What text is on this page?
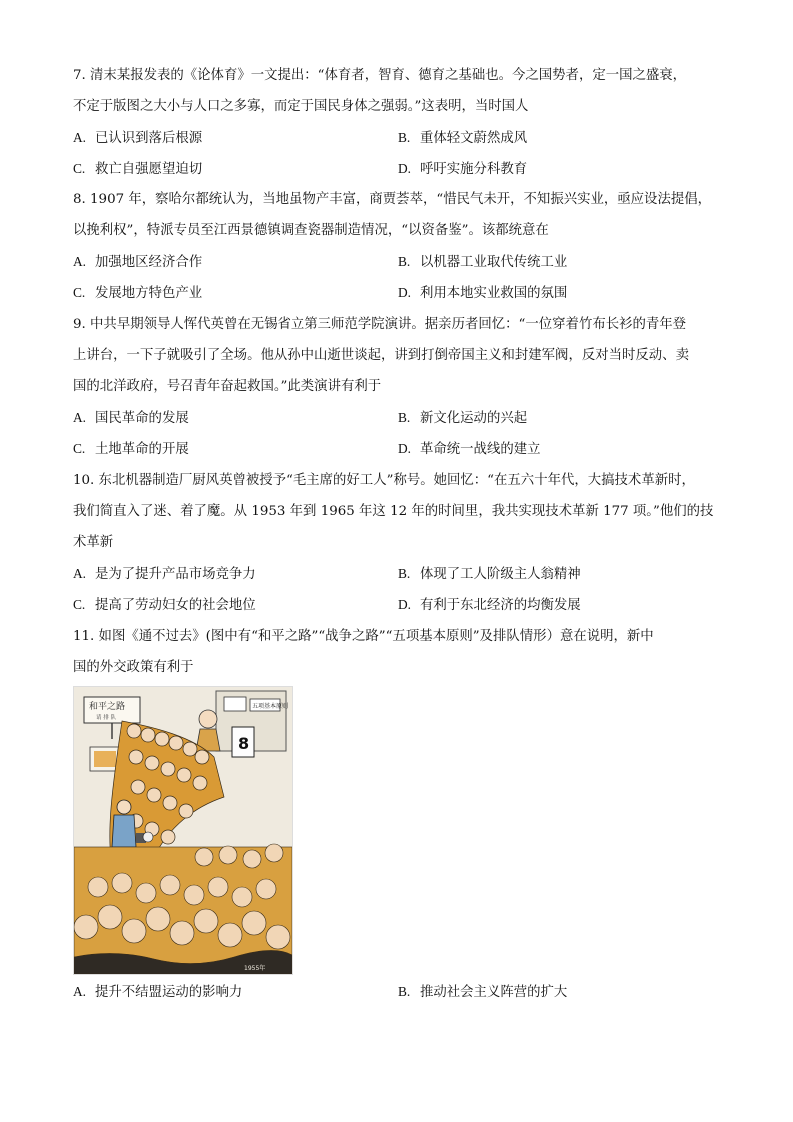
7. 清末某报发表的《论体育》一文提出：“体育者，智育、德育之基础也。今之国势者，定一国之盛衰，
不定于版图之大小与人口之多寡，而定于国民身体之强弱。”这表明，当时国人
A. 已认识到落后根源	B. 重体轻文蔚然成风
C. 救亡自强愿望迫切	D. 呼吁实施分科教育
8. 1907 年，察哈尔都统认为，当地虽物产丰富，商贾荟萃，“惜民气未开，不知振兴实业，亟应设法提倡，
以挽利权”，特派专员至江西景德镇调查瓷器制造情况，“以资备鉴”。该都统意在
A. 加强地区经济合作	B. 以机器工业取代传统工业
C. 发展地方特色产业	D. 利用本地实业救国的氛围
9. 中共早期领导人恽代英曾在无锡省立第三师范学院演讲。据亲历者回忆：“一位穿着竹布长衫的青年登
上讲台，一下子就吸引了全场。他从孙中山逝世谈起，讲到打倒帝国主义和封建军阀，反对当时反动、卖
国的北洋政府，号召青年奋起救国。”此类演讲有利于
A. 国民革命的发展	B. 新文化运动的兴起
C. 土地革命的开展	D. 革命统一战线的建立
10. 东北机器制造厂厨风英曾被授予“毛主席的好工人”称号。她回忆：“在五六十年代，大搞技术革新时，
我们简直入了迷、着了魔。从 1953 年到 1965 年这 12 年的时间里，我共实现技术革新 177 项。”他们的技
术革新
A. 是为了提升产品市场竞争力	B. 体现了工人阶级主人翁精神
C. 提高了劳动妇女的社会地位	D. 有利于东北经济的均衡发展
11. 如图《通不过去》(图中有“和平之路”“战争之路”“五项基本原则”及排队情形）意在说明，新中
国的外交政策有利于
五项基本原则
8
和平之路
请 排 队
1955年
A. 提升不结盟运动的影响力	B. 推动社会主义阵营的扩大
